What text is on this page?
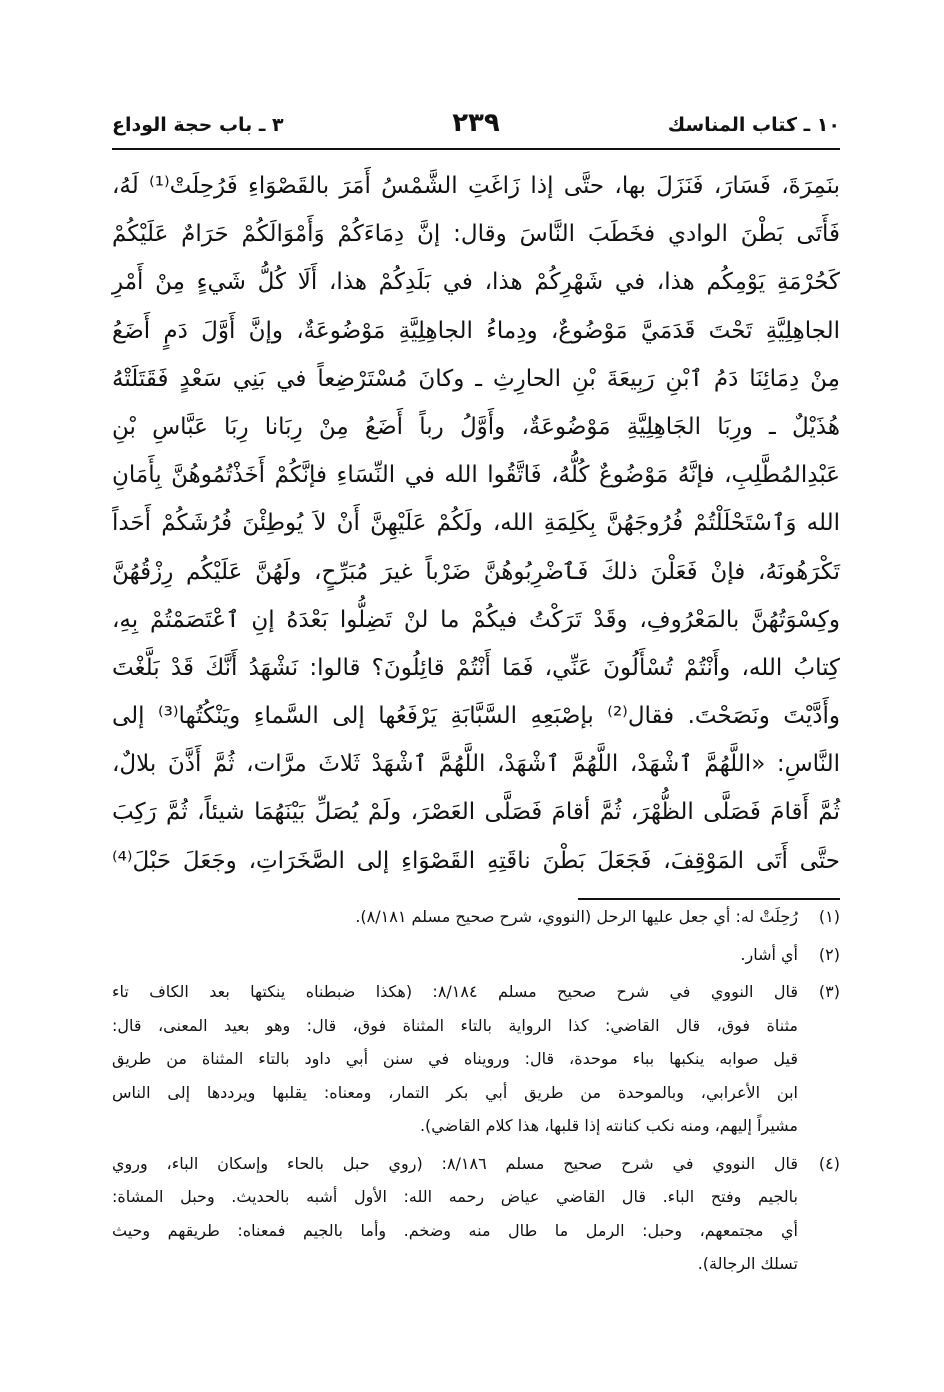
١٠ ـ كتاب المناسك
٢٣٩
٣ ـ باب حجة الوداع
بنَمِرَةَ، فَسَارَ، فَنَزَلَ بها، حتَّى إذا زَاغَتِ الشَّمْسُ أَمَرَ بالقَصْوَاءِ فَرُحِلَتْ⁽¹⁾ لَهُ،
فَأَتَى بَطْنَ الوادي فخَطَبَ النَّاسَ وقال: إنَّ دِمَاءَكُمْ وَأَمْوَالَكُمْ حَرَامٌ عَلَيْكُمْ
كَحُرْمَةِ يَوْمِكُم هذا، في شَهْرِكُمْ هذا، في بَلَدِكُمْ هذا، أَلَا كُلُّ شَيءٍ مِنْ أَمْرِ
الجاهِلِيَّةِ تَحْتَ قَدَمَيَّ مَوْضُوعٌ، ودِماءُ الجاهِلِيَّةِ مَوْضُوعَةٌ، وإنَّ أَوَّلَ دَمٍ أَضَعُ
مِنْ دِمَائِنَا دَمُ ٱبْنِ رَبِيعَةَ بْنِ الحارِثِ ـ وكانَ مُسْتَرْضِعاً في بَنِي سَعْدٍ فَقَتَلَتْهُ
هُذَيْلٌ ـ ورِبَا الجَاهِلِيَّةِ مَوْضُوعَةٌ، وأَوَّلُ رباً أَضَعُ مِنْ رِبَانا رِبَا عَبَّاسِ بْنِ
عَبْدِالمُطَّلِبِ، فإنَّهُ مَوْضُوعٌ كُلُّهُ، فَاتَّقُوا الله في النِّسَاءِ فإنَّكُمْ أَخَذْتُمُوهُنَّ بِأَمَانِ
الله وَٱسْتَحْلَلْتُمْ فُرُوجَهُنَّ بِكَلِمَةِ الله، ولَكُمْ عَلَيْهِنَّ أَنْ لاَ يُوطِئْنَ فُرُشَكُمْ أَحَداً
تَكْرَهُونَهُ، فإنْ فَعَلْنَ ذلكَ فَٱضْرِبُوهُنَّ ضَرْباً غيرَ مُبَرِّحٍ، ولَهُنَّ عَلَيْكُم رِزْقُهُنَّ
وكِسْوَتُهُنَّ بالمَعْرُوفِ، وقَدْ تَرَكْتُ فيكُمْ ما لنْ تَضِلُّوا بَعْدَهُ إنِ ٱعْتَصَمْتُمْ بِهِ،
كِتابُ الله، وأَنْتُمْ تُسْأَلُونَ عَنِّي، فَمَا أَنْتُمْ قائِلُونَ؟ قالوا: نَشْهَدُ أَنَّكَ قَدْ بَلَّغْتَ
وأَدَّيْتَ ونَصَحْتَ. فقال⁽²⁾ بإصْبَعِهِ السَّبَّابَةِ يَرْفَعُها إلى السَّماءِ ويَنْكُتُها⁽³⁾ إلى
النَّاسِ: «اللَّهُمَّ ٱشْهَدْ، اللَّهُمَّ ٱشْهَدْ، اللَّهُمَّ ٱشْهَدْ ثَلاثَ مرَّات، ثُمَّ أَذَّنَ بلالٌ،
ثُمَّ أَقامَ فَصَلَّى الظُّهْرَ، ثُمَّ أقامَ فَصَلَّى العَصْرَ، ولَمْ يُصَلِّ بَيْنَهُمَا شيئاً، ثُمَّ رَكِبَ
حتَّى أَتَى المَوْقِفَ، فَجَعَلَ بَطْنَ ناقَتِهِ القَصْوَاءِ إلى الصَّخَرَاتِ، وجَعَلَ حَبْلَ⁽⁴⁾
(١)
رُحِلَتْ له: أي جعل عليها الرحل (النووي، شرح صحيح مسلم ٨/١٨١).
(٢)
أي أشار.
(٣)
قال النووي في شرح صحيح مسلم ٨/١٨٤: (هكذا ضبطناه ينكتها بعد الكاف تاء
مثناة فوق، قال القاضي: كذا الرواية بالتاء المثناة فوق، قال: وهو بعيد المعنى، قال:
قيل صوابه ينكبها بباء موحدة، قال: ورويناه في سنن أبي داود بالتاء المثناة من طريق
ابن الأعرابي، وبالموحدة من طريق أبي بكر التمار، ومعناه: يقلبها ويرددها إلى الناس
مشيراً إليهم، ومنه نكب كنانته إذا قلبها، هذا كلام القاضي).
(٤)
قال النووي في شرح صحيح مسلم ٨/١٨٦: (روي حبل بالحاء وإسكان الباء، وروي
بالجيم وفتح الباء. قال القاضي عياض رحمه الله: الأول أشبه بالحديث. وحبل المشاة:
أي مجتمعهم، وحبل: الرمل ما طال منه وضخم. وأما بالجيم فمعناه: طريقهم وحيث
تسلك الرجالة).
